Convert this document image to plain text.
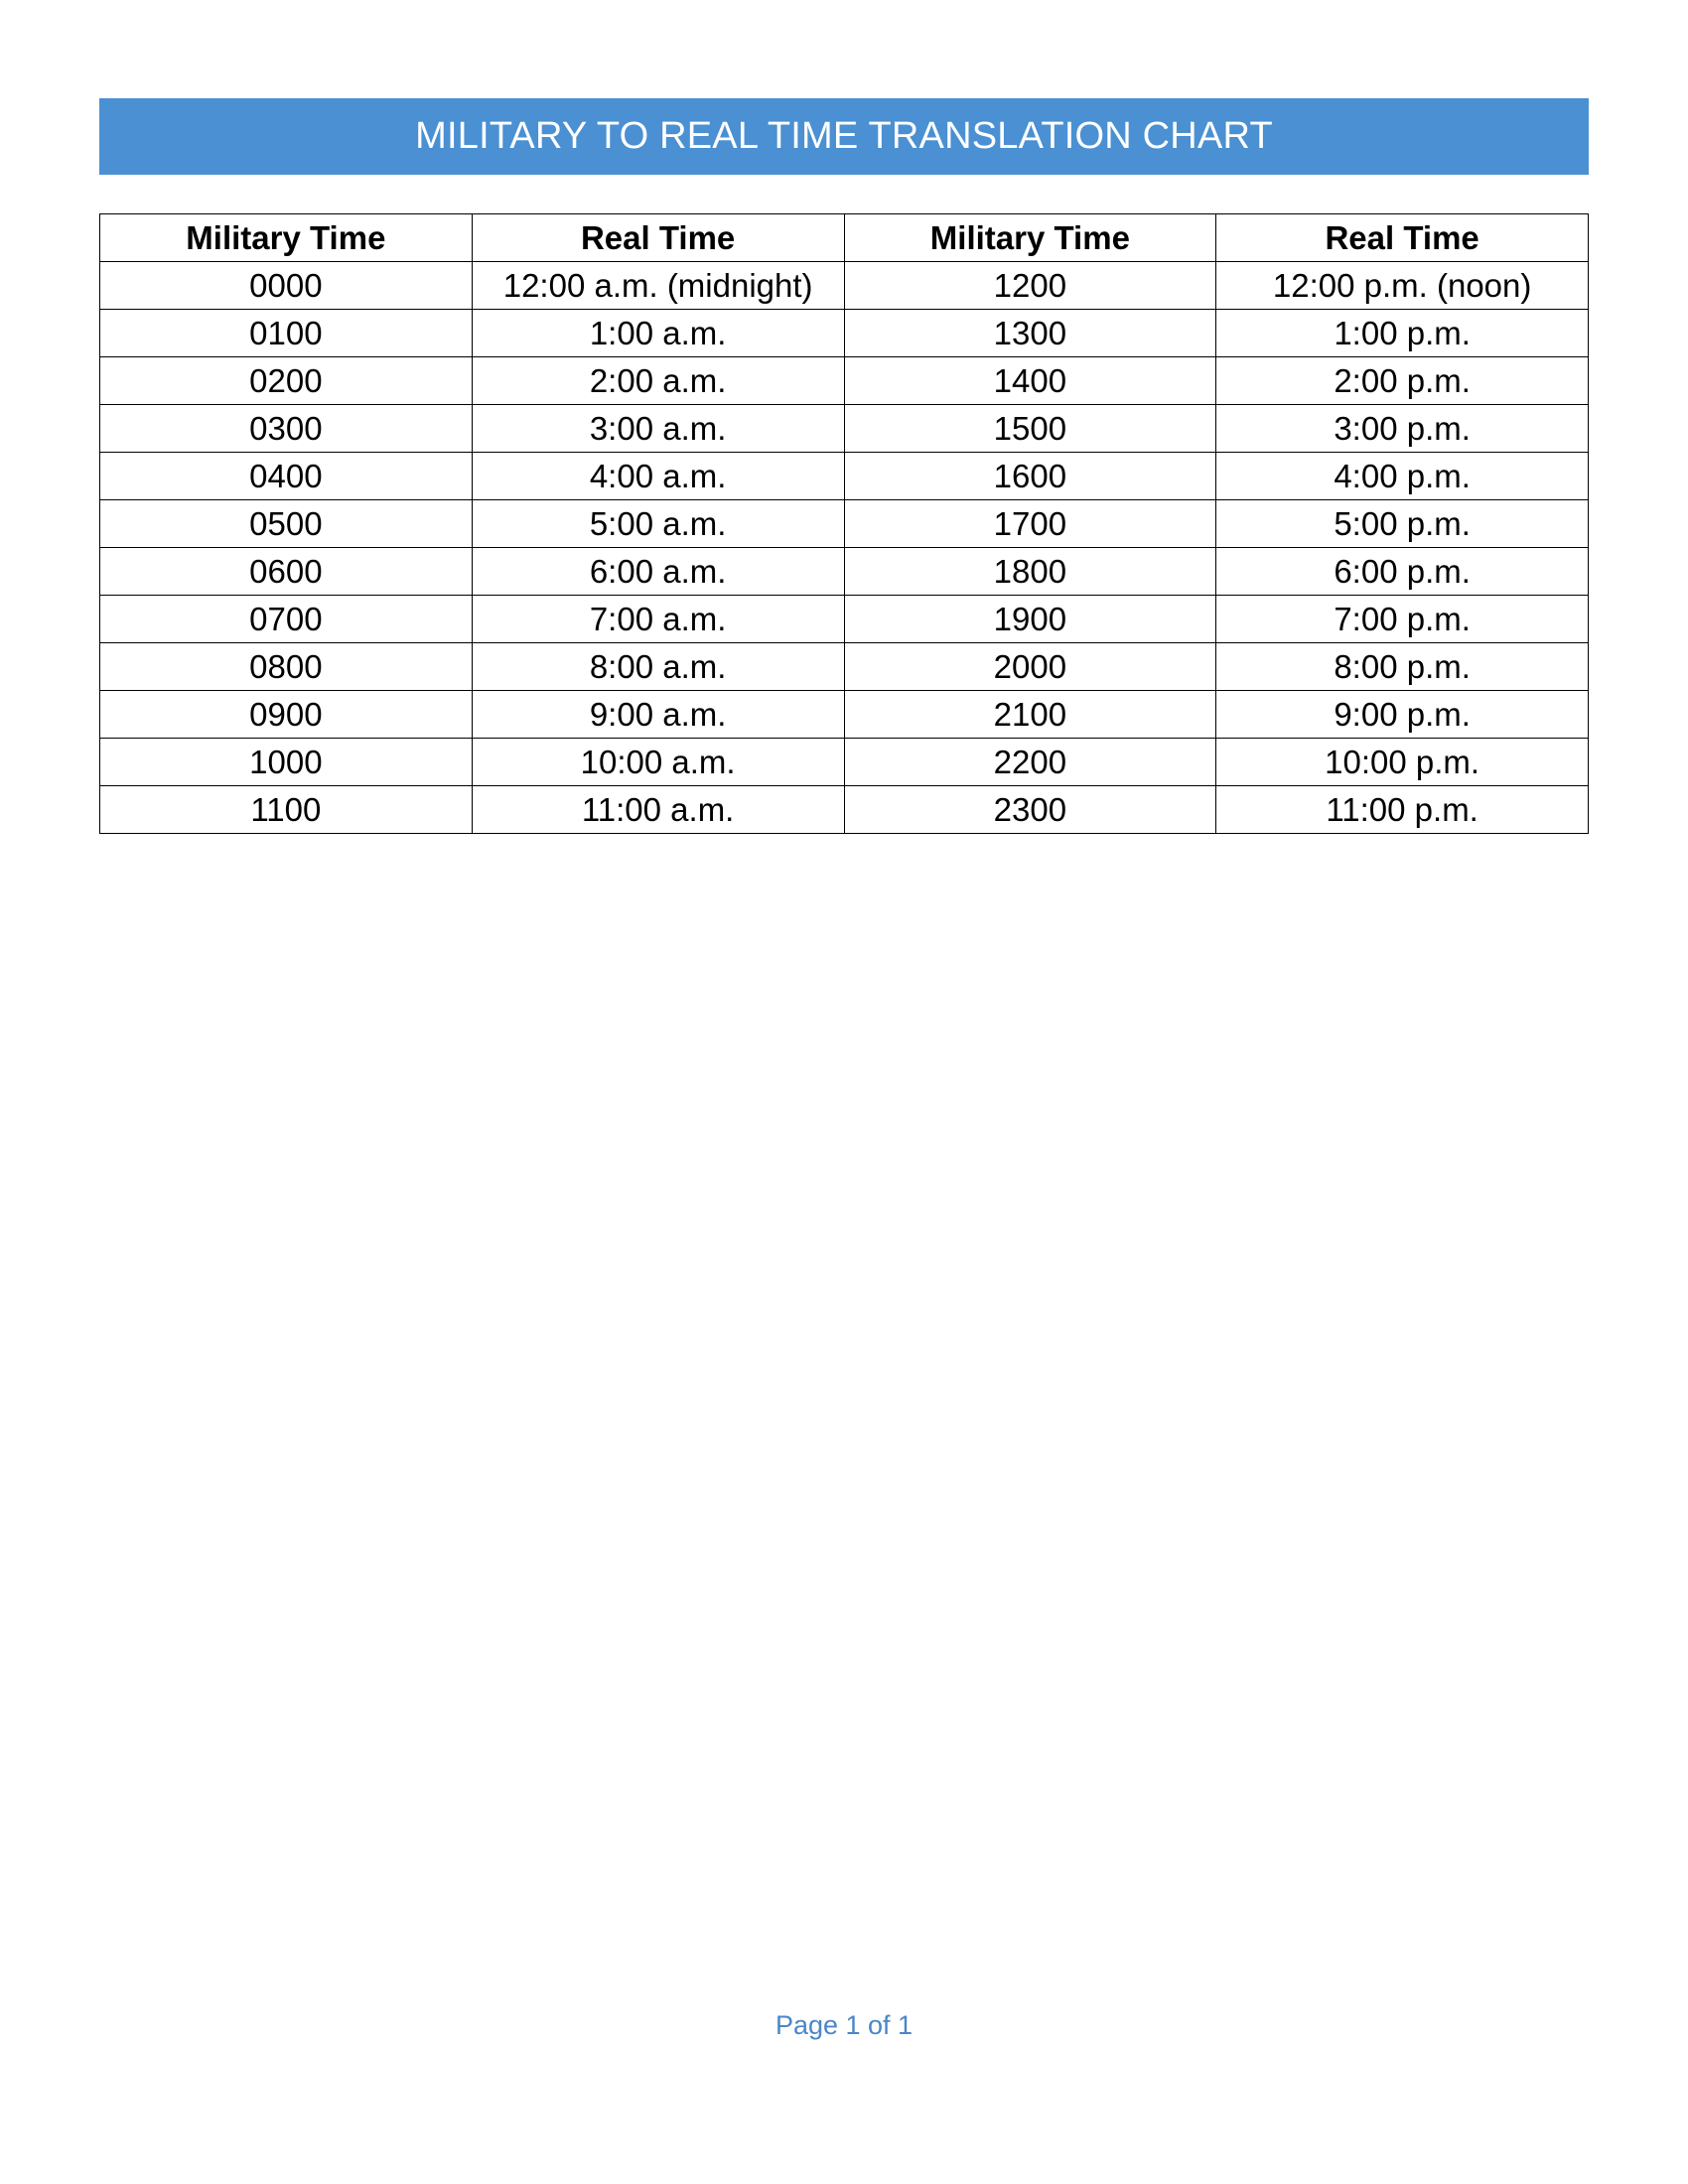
MILITARY TO REAL TIME TRANSLATION CHART
Military Time	Real Time	Military Time	Real Time
0000	12:00 a.m. (midnight)	1200	12:00 p.m. (noon)
0100	1:00 a.m.	1300	1:00 p.m.
0200	2:00 a.m.	1400	2:00 p.m.
0300	3:00 a.m.	1500	3:00 p.m.
0400	4:00 a.m.	1600	4:00 p.m.
0500	5:00 a.m.	1700	5:00 p.m.
0600	6:00 a.m.	1800	6:00 p.m.
0700	7:00 a.m.	1900	7:00 p.m.
0800	8:00 a.m.	2000	8:00 p.m.
0900	9:00 a.m.	2100	9:00 p.m.
1000	10:00 a.m.	2200	10:00 p.m.
1100	11:00 a.m.	2300	11:00 p.m.
Page 1 of 1
